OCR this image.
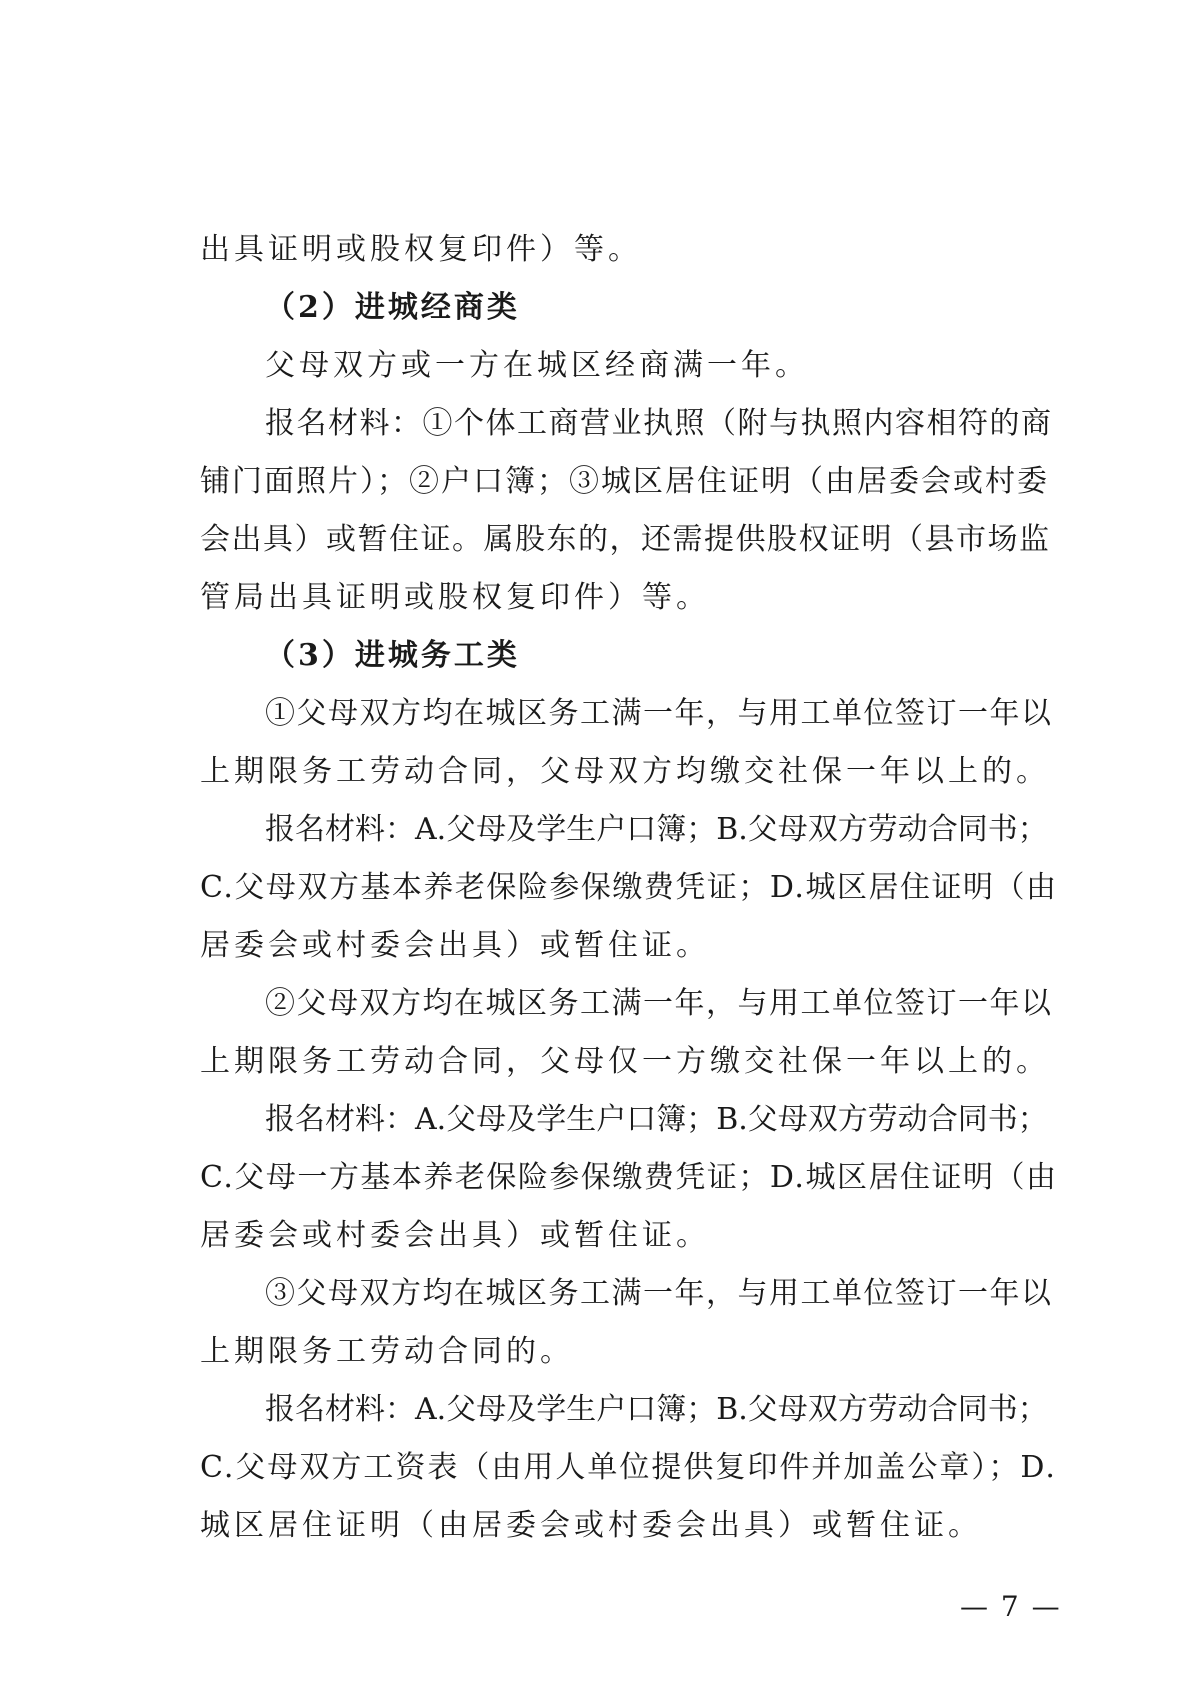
出具证明或股权复印件）等。
（2）进城经商类
父母双方或一方在城区经商满一年。
报名材料：①个体工商营业执照（附与执照内容相符的商
铺门面照片）；②户口簿；③城区居住证明（由居委会或村委
会出具）或暂住证。属股东的，还需提供股权证明（县市场监
管局出具证明或股权复印件）等。
（3）进城务工类
①父母双方均在城区务工满一年，与用工单位签订一年以
上期限务工劳动合同，父母双方均缴交社保一年以上的。
报名材料：A.父母及学生户口簿；B.父母双方劳动合同书；
C.父母双方基本养老保险参保缴费凭证；D.城区居住证明（由
居委会或村委会出具）或暂住证。
②父母双方均在城区务工满一年，与用工单位签订一年以
上期限务工劳动合同，父母仅一方缴交社保一年以上的。
报名材料：A.父母及学生户口簿；B.父母双方劳动合同书；
C.父母一方基本养老保险参保缴费凭证；D.城区居住证明（由
居委会或村委会出具）或暂住证。
③父母双方均在城区务工满一年，与用工单位签订一年以
上期限务工劳动合同的。
报名材料：A.父母及学生户口簿；B.父母双方劳动合同书；
C.父母双方工资表（由用人单位提供复印件并加盖公章）；D.
城区居住证明（由居委会或村委会出具）或暂住证。
— 7 —
